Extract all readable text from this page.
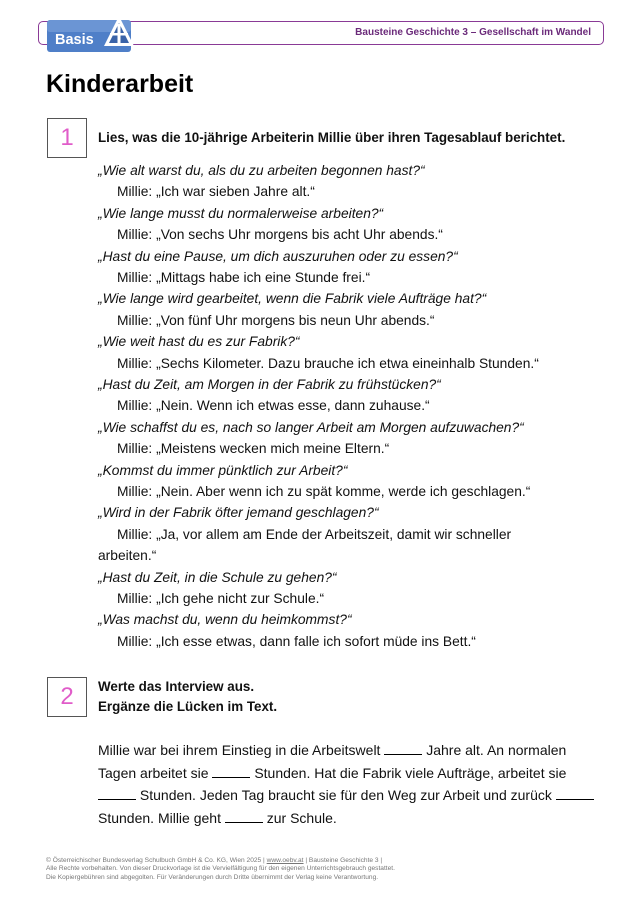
Bausteine Geschichte 3 – Gesellschaft im Wandel
Basis
Kinderarbeit
1	Lies, was die 10-jährige Arbeiterin Millie über ihren Tagesablauf berichtet.
„Wie alt warst du, als du zu arbeiten begonnen hast?“
Millie: „Ich war sieben Jahre alt.“
„Wie lange musst du normalerweise arbeiten?“
Millie: „Von sechs Uhr morgens bis acht Uhr abends.“
„Hast du eine Pause, um dich auszuruhen oder zu essen?“
Millie: „Mittags habe ich eine Stunde frei.“
„Wie lange wird gearbeitet, wenn die Fabrik viele Aufträge hat?“
Millie: „Von fünf Uhr morgens bis neun Uhr abends.“
„Wie weit hast du es zur Fabrik?“
Millie: „Sechs Kilometer. Dazu brauche ich etwa eineinhalb Stunden.“
„Hast du Zeit, am Morgen in der Fabrik zu frühstücken?“
Millie: „Nein. Wenn ich etwas esse, dann zuhause.“
„Wie schaffst du es, nach so langer Arbeit am Morgen aufzuwachen?“
Millie: „Meistens wecken mich meine Eltern.“
„Kommst du immer pünktlich zur Arbeit?“
Millie: „Nein. Aber wenn ich zu spät komme, werde ich geschlagen.“
„Wird in der Fabrik öfter jemand geschlagen?“
Millie: „Ja, vor allem am Ende der Arbeitszeit, damit wir schneller
arbeiten.“
„Hast du Zeit, in die Schule zu gehen?“
Millie: „Ich gehe nicht zur Schule.“
„Was machst du, wenn du heimkommst?“
Millie: „Ich esse etwas, dann falle ich sofort müde ins Bett.“
2	Werte das Interview aus.
Ergänze die Lücken im Text.
Millie war bei ihrem Einstieg in die Arbeitswelt	Jahre alt. An normalen Tagen arbeitet sie	Stunden. Hat die Fabrik viele Aufträge, arbeitet sie  Stunden. Jeden Tag braucht sie für den Weg zur Arbeit und zurück  Stunden. Millie geht	zur Schule.
© Österreichischer Bundesverlag Schulbuch GmbH & Co. KG, Wien 2025 | www.oebv.at | Bausteine Geschichte 3 |
Alle Rechte vorbehalten. Von dieser Druckvorlage ist die Vervielfältigung für den eigenen Unterrichtsgebrauch gestattet.
Die Kopiergebühren sind abgegolten. Für Veränderungen durch Dritte übernimmt der Verlag keine Verantwortung.
